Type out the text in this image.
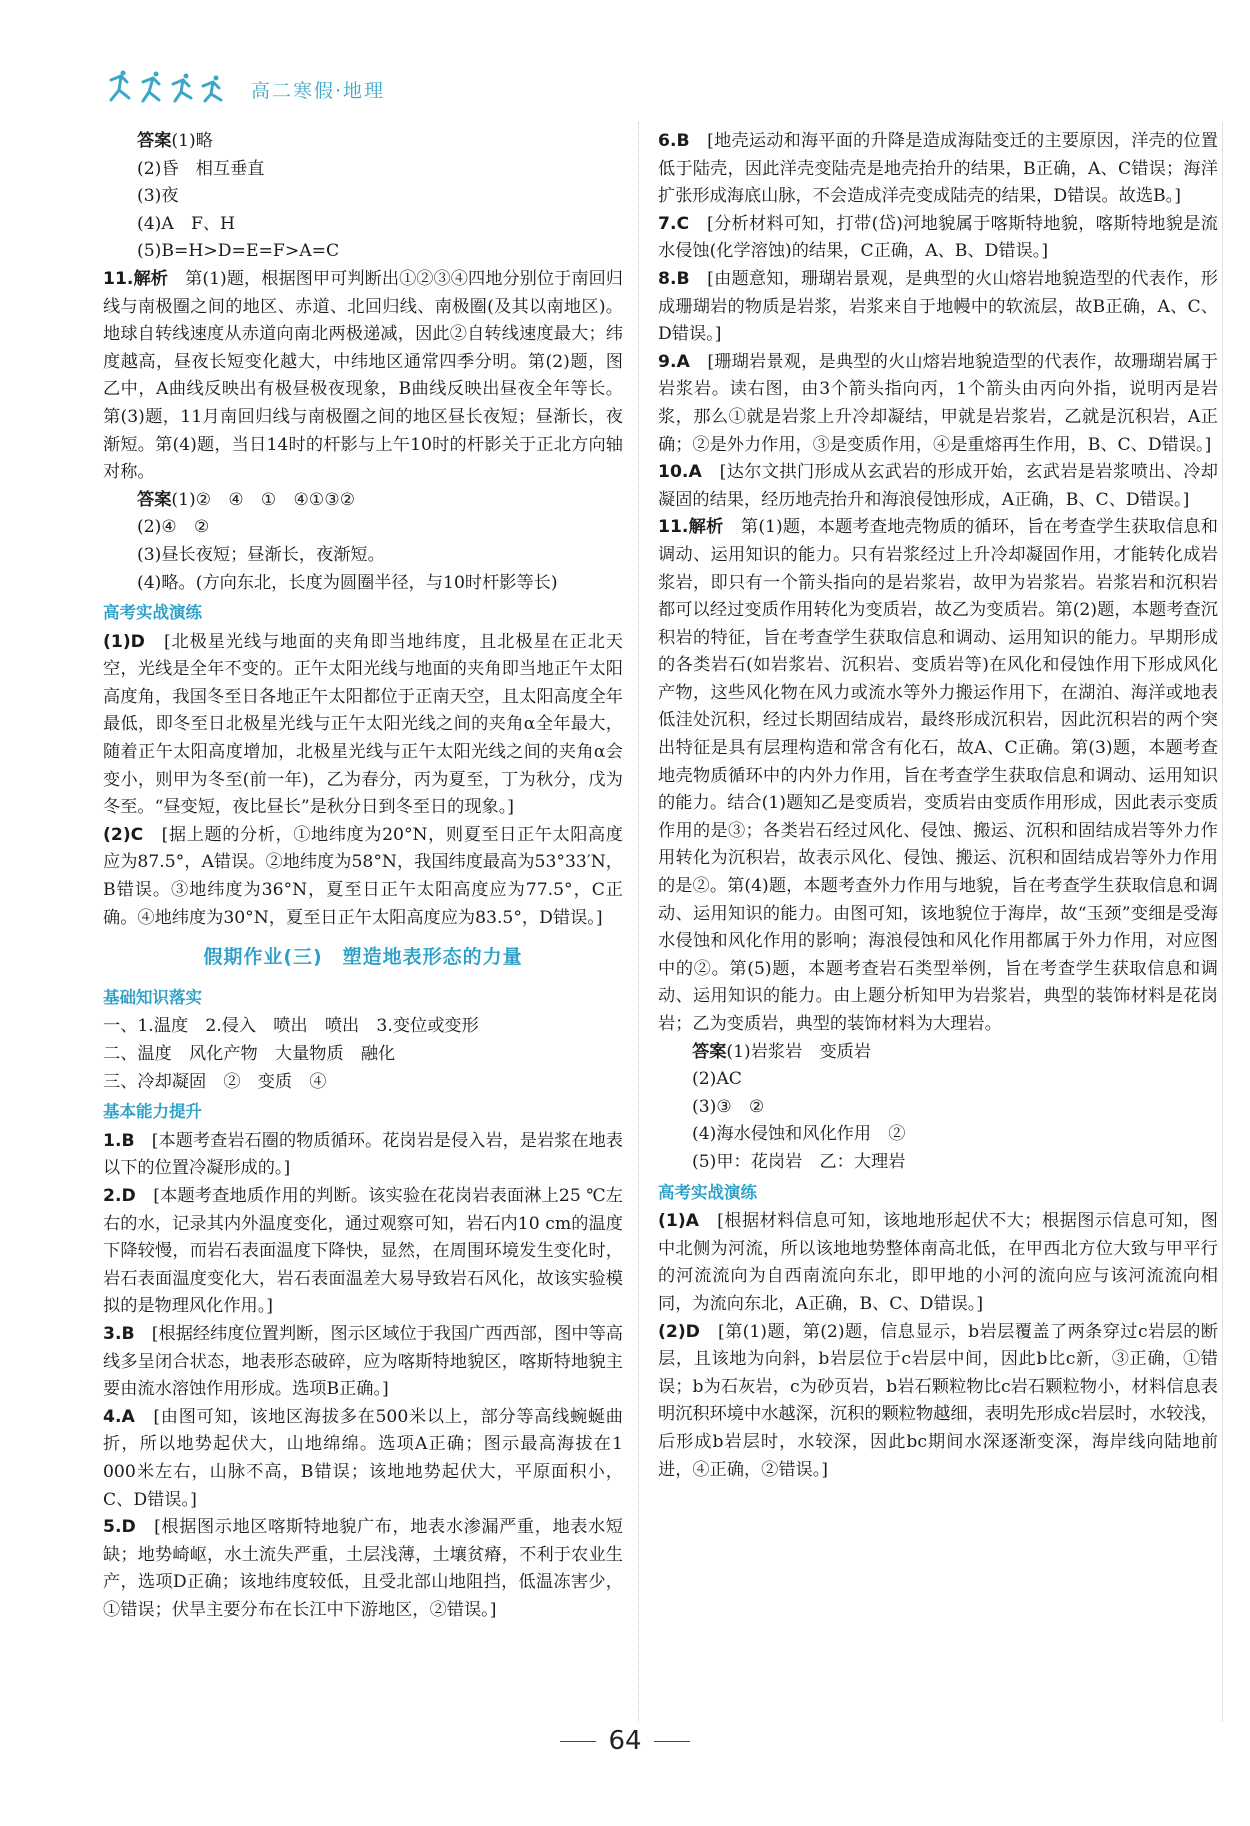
高二寒假·地理
答案(1)略
(2)昏　相互垂直
(3)夜
(4)A　F、H
(5)B=H>D=E=F>A=C
11.解析　第(1)题，根据图甲可判断出①②③④四地分别位于南回归线与南极圈之间的地区、赤道、北回归线、南极圈(及其以南地区)。地球自转线速度从赤道向南北两极递减，因此②自转线速度最大；纬度越高，昼夜长短变化越大，中纬地区通常四季分明。第(2)题，图乙中，A曲线反映出有极昼极夜现象，B曲线反映出昼夜全年等长。第(3)题，11月南回归线与南极圈之间的地区昼长夜短；昼渐长，夜渐短。第(4)题，当日14时的杆影与上午10时的杆影关于正北方向轴对称。
答案(1)②　④　①　④①③②
(2)④　②
(3)昼长夜短；昼渐长，夜渐短。
(4)略。(方向东北，长度为圆圈半径，与10时杆影等长)
高考实战演练
(1)D　[北极星光线与地面的夹角即当地纬度，且北极星在正北天空，光线是全年不变的。正午太阳光线与地面的夹角即当地正午太阳高度角，我国冬至日各地正午太阳都位于正南天空，且太阳高度全年最低，即冬至日北极星光线与正午太阳光线之间的夹角α全年最大，随着正午太阳高度增加，北极星光线与正午太阳光线之间的夹角α会变小，则甲为冬至(前一年)，乙为春分，丙为夏至，丁为秋分，戊为冬至。“昼变短，夜比昼长”是秋分日到冬至日的现象。]
(2)C　[据上题的分析，①地纬度为20°N，则夏至日正午太阳高度应为87.5°，A错误。②地纬度为58°N，我国纬度最高为53°33′N，B错误。③地纬度为36°N，夏至日正午太阳高度应为77.5°，C正确。④地纬度为30°N，夏至日正午太阳高度应为83.5°，D错误。]
假期作业(三)　塑造地表形态的力量
基础知识落实
一、1.温度　2.侵入　喷出　喷出　3.变位或变形
二、温度　风化产物　大量物质　融化
三、冷却凝固　②　变质　④
基本能力提升
1.B　[本题考查岩石圈的物质循环。花岗岩是侵入岩，是岩浆在地表以下的位置冷凝形成的。]
2.D　[本题考查地质作用的判断。该实验在花岗岩表面淋上25 ℃左右的水，记录其内外温度变化，通过观察可知，岩石内10 cm的温度下降较慢，而岩石表面温度下降快，显然，在周围环境发生变化时，岩石表面温度变化大，岩石表面温差大易导致岩石风化，故该实验模拟的是物理风化作用。]
3.B　[根据经纬度位置判断，图示区域位于我国广西西部，图中等高线多呈闭合状态，地表形态破碎，应为喀斯特地貌区，喀斯特地貌主要由流水溶蚀作用形成。选项B正确。]
4.A　[由图可知，该地区海拔多在500米以上，部分等高线蜿蜒曲折，所以地势起伏大，山地绵绵。选项A正确；图示最高海拔在1 000米左右，山脉不高，B错误；该地地势起伏大，平原面积小，C、D错误。]
5.D　[根据图示地区喀斯特地貌广布，地表水渗漏严重，地表水短缺；地势崎岖，水土流失严重，土层浅薄，土壤贫瘠，不利于农业生产，选项D正确；该地纬度较低，且受北部山地阻挡，低温冻害少，①错误；伏旱主要分布在长江中下游地区，②错误。]
6.B　[地壳运动和海平面的升降是造成海陆变迁的主要原因，洋壳的位置低于陆壳，因此洋壳变陆壳是地壳抬升的结果，B正确，A、C错误；海洋扩张形成海底山脉，不会造成洋壳变成陆壳的结果，D错误。故选B。]
7.C　[分析材料可知，打带(岱)河地貌属于喀斯特地貌，喀斯特地貌是流水侵蚀(化学溶蚀)的结果，C正确，A、B、D错误。]
8.B　[由题意知，珊瑚岩景观，是典型的火山熔岩地貌造型的代表作，形成珊瑚岩的物质是岩浆，岩浆来自于地幔中的软流层，故B正确，A、C、D错误。]
9.A　[珊瑚岩景观，是典型的火山熔岩地貌造型的代表作，故珊瑚岩属于岩浆岩。读右图，由3个箭头指向丙，1个箭头由丙向外指，说明丙是岩浆，那么①就是岩浆上升冷却凝结，甲就是岩浆岩，乙就是沉积岩，A正确；②是外力作用，③是变质作用，④是重熔再生作用，B、C、D错误。]
10.A　[达尔文拱门形成从玄武岩的形成开始，玄武岩是岩浆喷出、冷却凝固的结果，经历地壳抬升和海浪侵蚀形成，A正确，B、C、D错误。]
11.解析　第(1)题，本题考查地壳物质的循环，旨在考查学生获取信息和调动、运用知识的能力。只有岩浆经过上升冷却凝固作用，才能转化成岩浆岩，即只有一个箭头指向的是岩浆岩，故甲为岩浆岩。岩浆岩和沉积岩都可以经过变质作用转化为变质岩，故乙为变质岩。第(2)题，本题考查沉积岩的特征，旨在考查学生获取信息和调动、运用知识的能力。早期形成的各类岩石(如岩浆岩、沉积岩、变质岩等)在风化和侵蚀作用下形成风化产物，这些风化物在风力或流水等外力搬运作用下，在湖泊、海洋或地表低洼处沉积，经过长期固结成岩，最终形成沉积岩，因此沉积岩的两个突出特征是具有层理构造和常含有化石，故A、C正确。第(3)题，本题考查地壳物质循环中的内外力作用，旨在考查学生获取信息和调动、运用知识的能力。结合(1)题知乙是变质岩，变质岩由变质作用形成，因此表示变质作用的是③；各类岩石经过风化、侵蚀、搬运、沉积和固结成岩等外力作用转化为沉积岩，故表示风化、侵蚀、搬运、沉积和固结成岩等外力作用的是②。第(4)题，本题考查外力作用与地貌，旨在考查学生获取信息和调动、运用知识的能力。由图可知，该地貌位于海岸，故“玉颈”变细是受海水侵蚀和风化作用的影响；海浪侵蚀和风化作用都属于外力作用，对应图中的②。第(5)题，本题考查岩石类型举例，旨在考查学生获取信息和调动、运用知识的能力。由上题分析知甲为岩浆岩，典型的装饰材料是花岗岩；乙为变质岩，典型的装饰材料为大理岩。
答案(1)岩浆岩　变质岩
(2)AC
(3)③　②
(4)海水侵蚀和风化作用　②
(5)甲：花岗岩　乙：大理岩
高考实战演练
(1)A　[根据材料信息可知，该地地形起伏不大；根据图示信息可知，图中北侧为河流，所以该地地势整体南高北低，在甲西北方位大致与甲平行的河流流向为自西南流向东北，即甲地的小河的流向应与该河流流向相同，为流向东北，A正确，B、C、D错误。]
(2)D　[第(1)题，第(2)题，信息显示，b岩层覆盖了两条穿过c岩层的断层，且该地为向斜，b岩层位于c岩层中间，因此b比c新，③正确，①错误；b为石灰岩，c为砂页岩，b岩石颗粒物比c岩石颗粒物小，材料信息表明沉积环境中水越深，沉积的颗粒物越细，表明先形成c岩层时，水较浅，后形成b岩层时，水较深，因此bc期间水深逐渐变深，海岸线向陆地前进，④正确，②错误。]
64
